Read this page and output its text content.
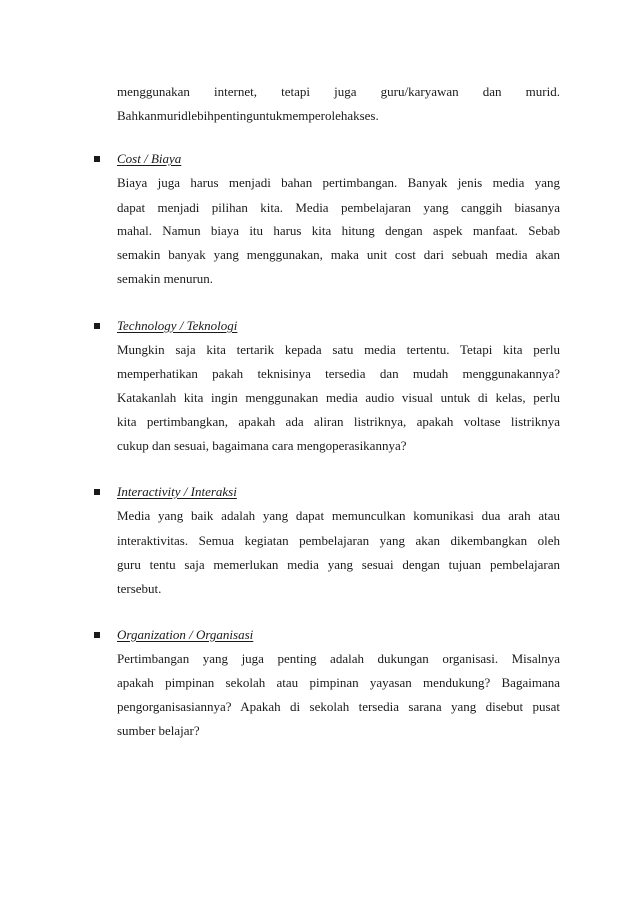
menggunakan internet, tetapi juga guru/karyawan dan murid.
Bahkanmuridlebihpentinguntukmemperolehakses.
Cost / Biaya
Biaya juga harus menjadi bahan pertimbangan. Banyak jenis media yang
dapat menjadi pilihan kita. Media pembelajaran yang canggih biasanya
mahal. Namun biaya itu harus kita hitung dengan aspek manfaat. Sebab
semakin banyak yang menggunakan, maka unit cost dari sebuah media akan
semakin menurun.
Technology / Teknologi
Mungkin saja kita tertarik kepada satu media tertentu. Tetapi kita perlu
memperhatikan pakah teknisinya tersedia dan mudah menggunakannya?
Katakanlah kita ingin menggunakan media audio visual untuk di kelas, perlu
kita pertimbangkan, apakah ada aliran listriknya, apakah voltase listriknya
cukup dan sesuai, bagaimana cara mengoperasikannya?
Interactivity / Interaksi
Media yang baik adalah yang dapat memunculkan komunikasi dua arah atau
interaktivitas. Semua kegiatan pembelajaran yang akan dikembangkan oleh
guru tentu saja memerlukan media yang sesuai dengan tujuan pembelajaran
tersebut.
Organization / Organisasi
Pertimbangan yang juga penting adalah dukungan organisasi. Misalnya
apakah pimpinan sekolah atau pimpinan yayasan mendukung? Bagaimana
pengorganisasiannya? Apakah di sekolah tersedia sarana yang disebut pusat
sumber belajar?
